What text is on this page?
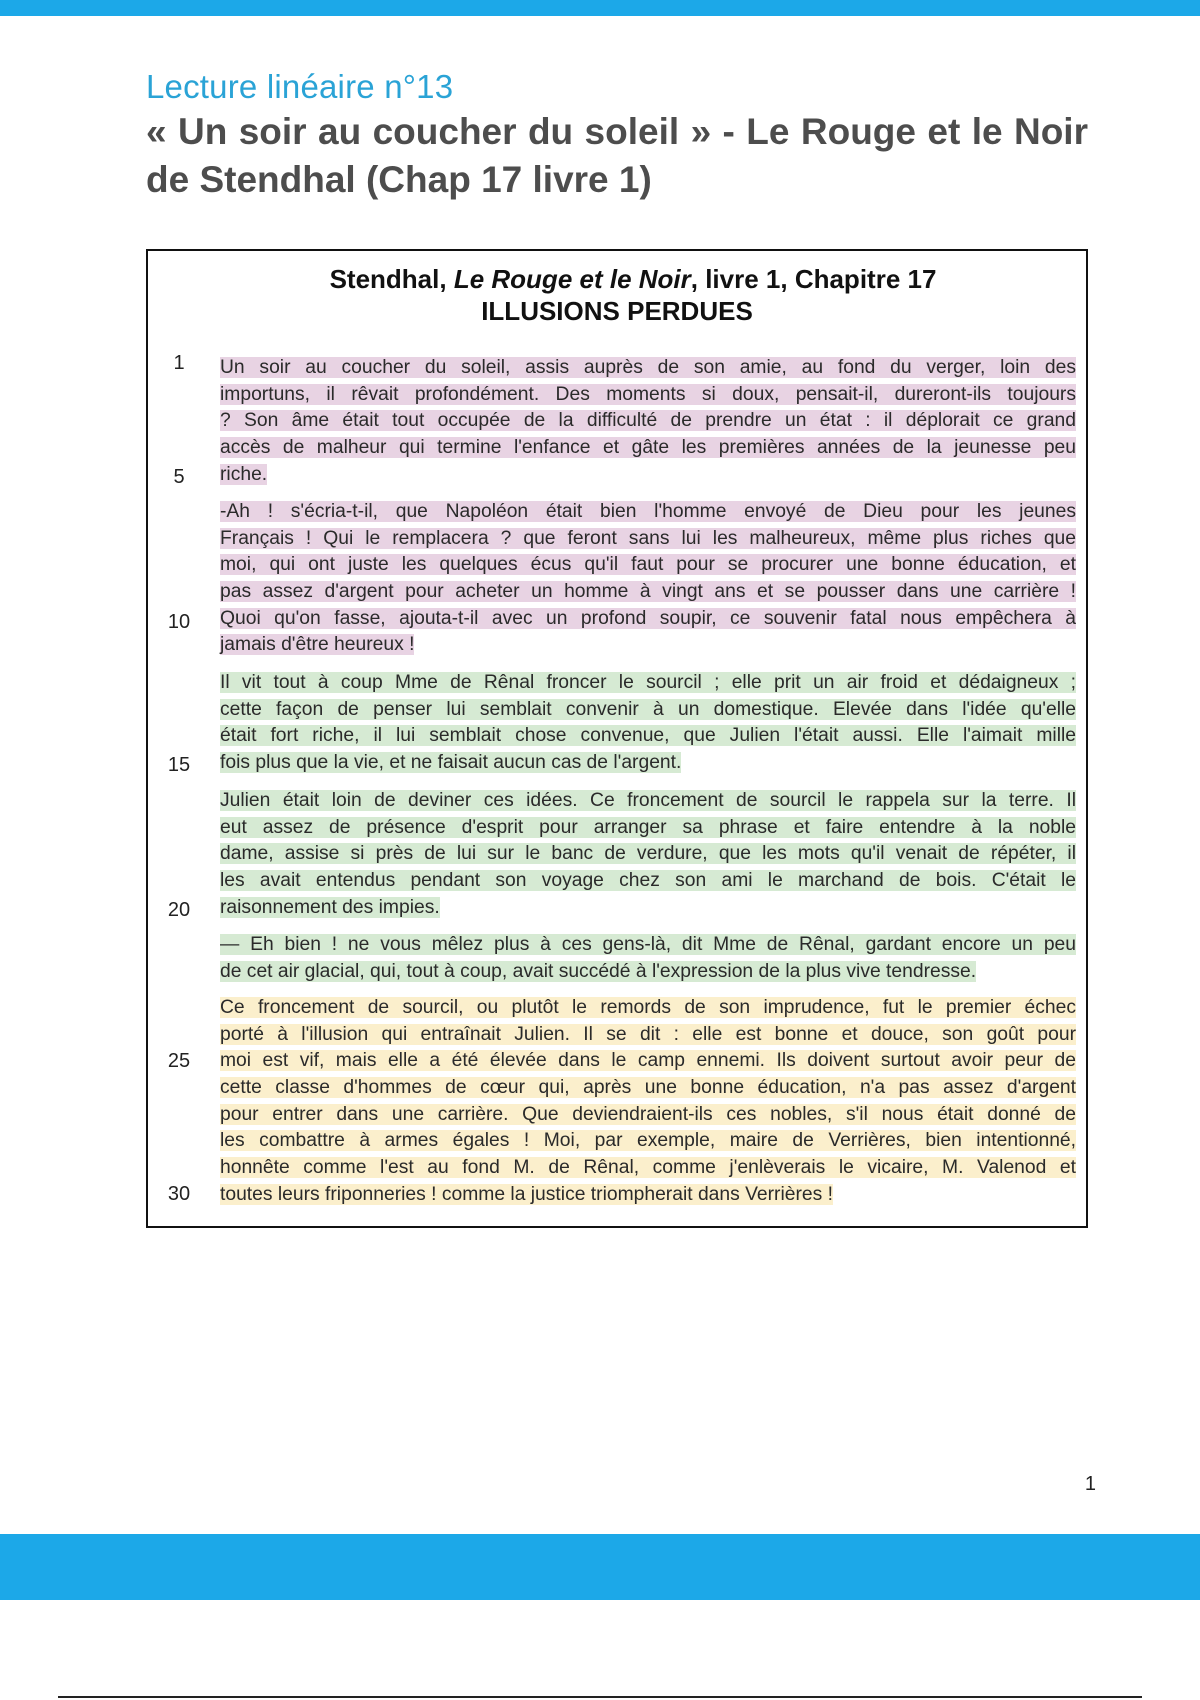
Lecture linéaire n°13
« Un soir au coucher du soleil » - Le Rouge et le Noir de Stendhal (Chap 17 livre 1)
Stendhal, Le Rouge et le Noir, livre 1, Chapitre 17
ILLUSIONS PERDUES
1
5
10
15
20
25
30
Un soir au coucher du soleil, assis auprès de son amie, au fond du verger, loin des
importuns, il rêvait profondément. Des moments si doux, pensait-il, dureront-ils toujours
? Son âme était tout occupée de la difficulté de prendre un état : il déplorait ce grand
accès de malheur qui termine l'enfance et gâte les premières années de la jeunesse peu
riche.
-Ah ! s'écria-t-il, que Napoléon était bien l'homme envoyé de Dieu pour les jeunes
Français ! Qui le remplacera ? que feront sans lui les malheureux, même plus riches que
moi, qui ont juste les quelques écus qu'il faut pour se procurer une bonne éducation, et
pas assez d'argent pour acheter un homme à vingt ans et se pousser dans une carrière !
Quoi qu'on fasse, ajouta-t-il avec un profond soupir, ce souvenir fatal nous empêchera à
jamais d'être heureux !
Il vit tout à coup Mme de Rênal froncer le sourcil ; elle prit un air froid et dédaigneux ;
cette façon de penser lui semblait convenir à un domestique. Elevée dans l'idée qu'elle
était fort riche, il lui semblait chose convenue, que Julien l'était aussi. Elle l'aimait mille
fois plus que la vie, et ne faisait aucun cas de l'argent.
Julien était loin de deviner ces idées. Ce froncement de sourcil le rappela sur la terre. Il
eut assez de présence d'esprit pour arranger sa phrase et faire entendre à la noble
dame, assise si près de lui sur le banc de verdure, que les mots qu'il venait de répéter, il
les avait entendus pendant son voyage chez son ami le marchand de bois. C'était le
raisonnement des impies.
— Eh bien ! ne vous mêlez plus à ces gens-là, dit Mme de Rênal, gardant encore un peu
de cet air glacial, qui, tout à coup, avait succédé à l'expression de la plus vive tendresse.
Ce froncement de sourcil, ou plutôt le remords de son imprudence, fut le premier échec
porté à l'illusion qui entraînait Julien. Il se dit : elle est bonne et douce, son goût pour
moi est vif, mais elle a été élevée dans le camp ennemi. Ils doivent surtout avoir peur de
cette classe d'hommes de cœur qui, après une bonne éducation, n'a pas assez d'argent
pour entrer dans une carrière. Que deviendraient-ils ces nobles, s'il nous était donné de
les combattre à armes égales ! Moi, par exemple, maire de Verrières, bien intentionné,
honnête comme l'est au fond M. de Rênal, comme j'enlèverais le vicaire, M. Valenod et
toutes leurs friponneries ! comme la justice triompherait dans Verrières !
1
